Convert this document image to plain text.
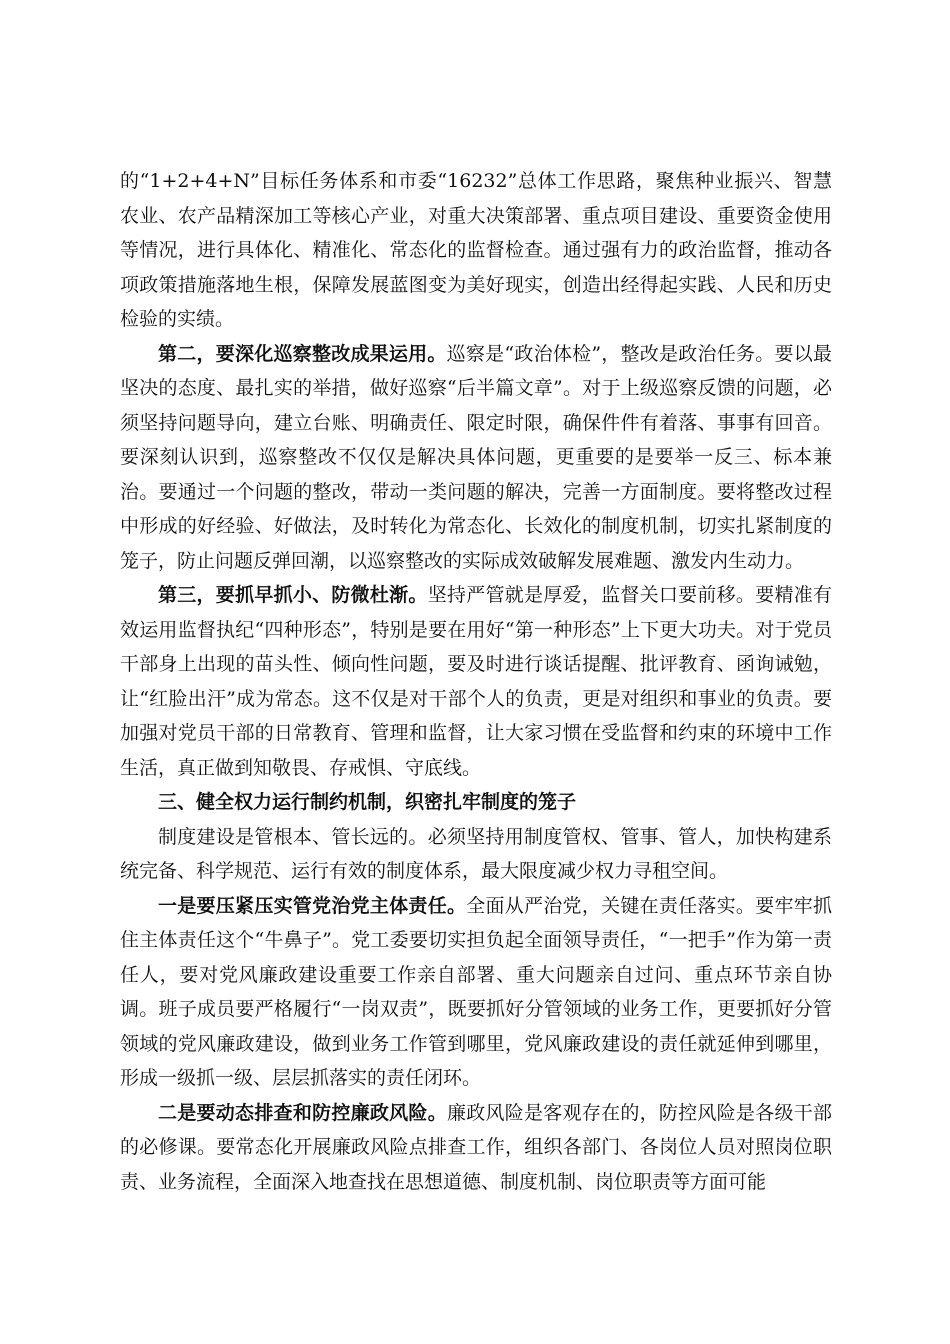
的“1+2+4+N”目标任务体系和市委“16232”总体工作思路，聚焦种业振兴、智慧农业、农产品精深加工等核心产业，对重大决策部署、重点项目建设、重要资金使用等情况，进行具体化、精准化、常态化的监督检查。通过强有力的政治监督，推动各项政策措施落地生根，保障发展蓝图变为美好现实，创造出经得起实践、人民和历史检验的实绩。

第二，要深化巡察整改成果运用。巡察是“政治体检”，整改是政治任务。要以最坚决的态度、最扎实的举措，做好巡察“后半篇文章”。对于上级巡察反馈的问题，必须坚持问题导向，建立台账、明确责任、限定时限，确保件件有着落、事事有回音。要深刻认识到，巡察整改不仅仅是解决具体问题，更重要的是要举一反三、标本兼治。要通过一个问题的整改，带动一类问题的解决，完善一方面制度。要将整改过程中形成的好经验、好做法，及时转化为常态化、长效化的制度机制，切实扎紧制度的笼子，防止问题反弹回潮，以巡察整改的实际成效破解发展难题、激发内生动力。

第三，要抓早抓小、防微杜渐。坚持严管就是厚爱，监督关口要前移。要精准有效运用监督执纪“四种形态”，特别是要在用好“第一种形态”上下更大功夫。对于党员干部身上出现的苗头性、倾向性问题，要及时进行谈话提醒、批评教育、函询诫勉，让“红脸出汗”成为常态。这不仅是对干部个人的负责，更是对组织和事业的负责。要加强对党员干部的日常教育、管理和监督，让大家习惯在受监督和约束的环境中工作生活，真正做到知敬畏、存戒惧、守底线。

三、健全权力运行制约机制，织密扎牢制度的笼子

制度建设是管根本、管长远的。必须坚持用制度管权、管事、管人，加快构建系统完备、科学规范、运行有效的制度体系，最大限度减少权力寻租空间。

一是要压紧压实管党治党主体责任。全面从严治党，关键在责任落实。要牢牢抓住主体责任这个“牛鼻子”。党工委要切实担负起全面领导责任，“一把手”作为第一责任人，要对党风廉政建设重要工作亲自部署、重大问题亲自过问、重点环节亲自协调。班子成员要严格履行“一岗双责”，既要抓好分管领域的业务工作，更要抓好分管领域的党风廉政建设，做到业务工作管到哪里，党风廉政建设的责任就延伸到哪里，形成一级抓一级、层层抓落实的责任闭环。

二是要动态排查和防控廉政风险。廉政风险是客观存在的，防控风险是各级干部的必修课。要常态化开展廉政风险点排查工作，组织各部门、各岗位人员对照岗位职责、业务流程，全面深入地查找在思想道德、制度机制、岗位职责等方面可能
